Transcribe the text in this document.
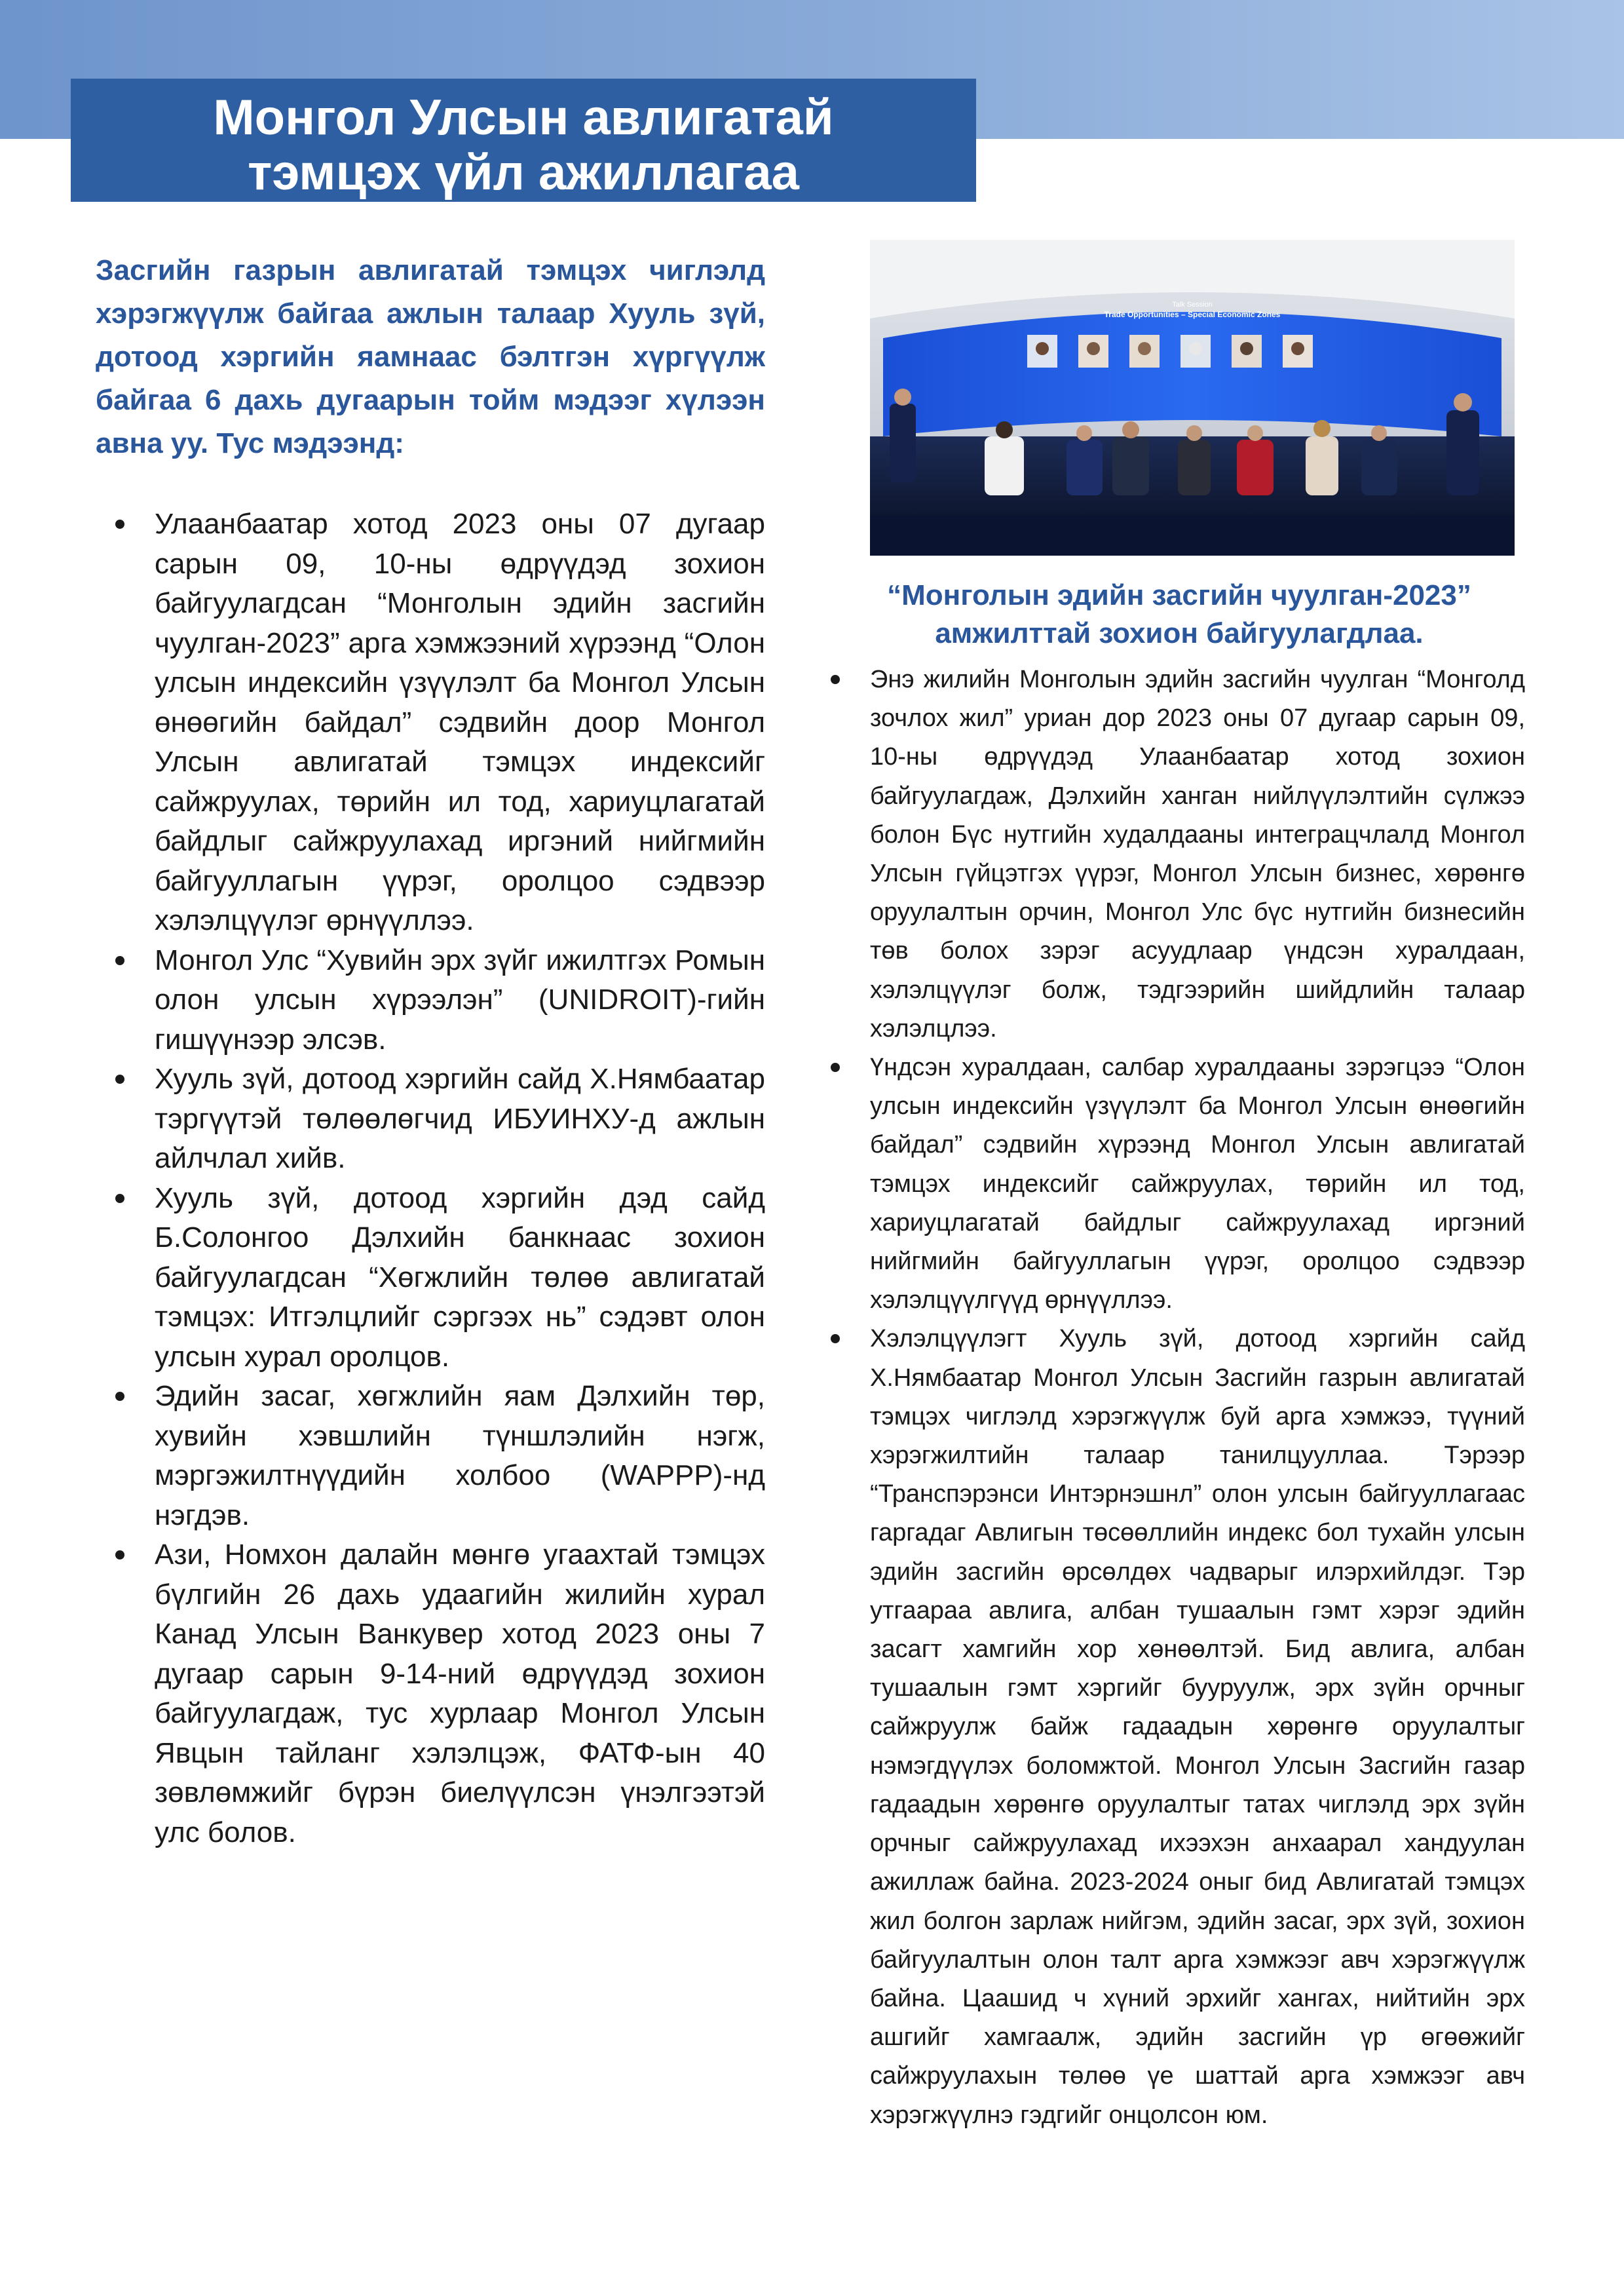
Монгол Улсын авлигатай
тэмцэх үйл ажиллагаа
Засгийн газрын авлигатай тэмцэх чиглэлд хэрэгжүүлж байгаа ажлын талаар Хууль зүй, дотоод хэргийн яамнаас бэлтгэн хүргүүлж байгаа 6 дахь дугаарын тойм мэдээг хүлээн авна уу. Тус мэдээнд:
Улаанбаатар хотод 2023 оны 07 дугаар сарын 09, 10-ны өдрүүдэд зохион байгуулагдсан “Монголын эдийн засгийн чуулган-2023” арга хэмжээний хүрээнд “Олон улсын индексийн үзүүлэлт ба Монгол Улсын өнөөгийн байдал” сэдвийн доор Монгол Улсын авлигатай тэмцэх индексийг сайжруулах, төрийн ил тод, хариуцлагатай байдлыг сайжруулахад иргэний нийгмийн байгууллагын үүрэг, оролцоо сэдвээр хэлэлцүүлэг өрнүүллээ.
Монгол Улс “Хувийн эрх зүйг ижилтгэх Ромын олон улсын хүрээлэн” (UNIDROIT)-гийн гишүүнээр элсэв.
Хууль зүй, дотоод хэргийн сайд Х.Нямбаатар тэргүүтэй төлөөлөгчид ИБУИНХУ-д ажлын айлчлал хийв.
Хууль зүй, дотоод хэргийн дэд сайд Б.Солонгоо Дэлхийн банкнаас зохион байгуулагдсан “Хөгжлийн төлөө авлигатай тэмцэх: Итгэлцлийг сэргээх нь” сэдэвт олон улсын хурал оролцов.
Эдийн засаг, хөгжлийн яам Дэлхийн төр, хувийн хэвшлийн түншлэлийн нэгж, мэргэжилтнүүдийн холбоо (WAPPP)-нд нэгдэв.
Ази, Номхон далайн мөнгө угаахтай тэмцэх бүлгийн 26 дахь удаагийн жилийн хурал Канад Улсын Ванкувер хотод 2023 оны 7 дугаар сарын 9-14-ний өдрүүдэд зохион байгуулагдаж, тус хурлаар Монгол Улсын Явцын тайланг хэлэлцэж, ФАТФ-ын 40 зөвлөмжийг бүрэн биелүүлсэн үнэлгээтэй улс болов.
Talk Session
Trade Opportunities – Special Economic Zones
“Монголын эдийн засгийн чуулган-2023” амжилттай зохион байгуулагдлаа.
Энэ жилийн Монголын эдийн засгийн чуулган “Монголд зочлох жил” уриан дор 2023 оны 07 дугаар сарын 09, 10-ны өдрүүдэд Улаанбаатар хотод зохион байгуулагдаж, Дэлхийн ханган нийлүүлэлтийн сүлжээ болон Бүс нутгийн худалдааны интеграцчлалд Монгол Улсын гүйцэтгэх үүрэг, Монгол Улсын бизнес, хөрөнгө оруулалтын орчин, Монгол Улс бүс нутгийн бизнесийн төв болох зэрэг асуудлаар үндсэн хуралдаан, хэлэлцүүлэг болж, тэдгээрийн шийдлийн талаар хэлэлцлээ.
Үндсэн хуралдаан, салбар хуралдааны зэрэгцээ “Олон улсын индексийн үзүүлэлт ба Монгол Улсын өнөөгийн байдал” сэдвийн хүрээнд Монгол Улсын авлигатай тэмцэх индексийг сайжруулах, төрийн ил тод, хариуцлагатай байдлыг сайжруулахад иргэний нийгмийн байгууллагын үүрэг, оролцоо сэдвээр хэлэлцүүлгүүд өрнүүллээ.
Хэлэлцүүлэгт Хууль зүй, дотоод хэргийн сайд Х.Нямбаатар Монгол Улсын Засгийн газрын авлигатай тэмцэх чиглэлд хэрэгжүүлж буй арга хэмжээ, түүний хэрэгжилтийн талаар танилцууллаа. Тэрээр “Транспэрэнси Интэрнэшнл” олон улсын байгууллагаас гаргадаг Авлигын төсөөллийн индекс бол тухайн улсын эдийн засгийн өрсөлдөх чадварыг илэрхийлдэг. Тэр утгаараа авлига, албан тушаалын гэмт хэрэг эдийн засагт хамгийн хор хөнөөлтэй. Бид авлига, албан тушаалын гэмт хэргийг бууруулж, эрх зүйн орчныг сайжруулж байж гадаадын хөрөнгө оруулалтыг нэмэгдүүлэх боломжтой. Монгол Улсын Засгийн газар гадаадын хөрөнгө оруулалтыг татах чиглэлд эрх зүйн орчныг сайжруулахад ихээхэн анхаарал хандуулан ажиллаж байна. 2023-2024 оныг бид Авлигатай тэмцэх жил болгон зарлаж нийгэм, эдийн засаг, эрх зүй, зохион байгуулалтын олон талт арга хэмжээг авч хэрэгжүүлж байна. Цаашид ч хүний эрхийг хангах, нийтийн эрх ашгийг хамгаалж, эдийн засгийн үр өгөөжийг сайжруулахын төлөө үе шаттай арга хэмжээг авч хэрэгжүүлнэ гэдгийг онцолсон юм.
